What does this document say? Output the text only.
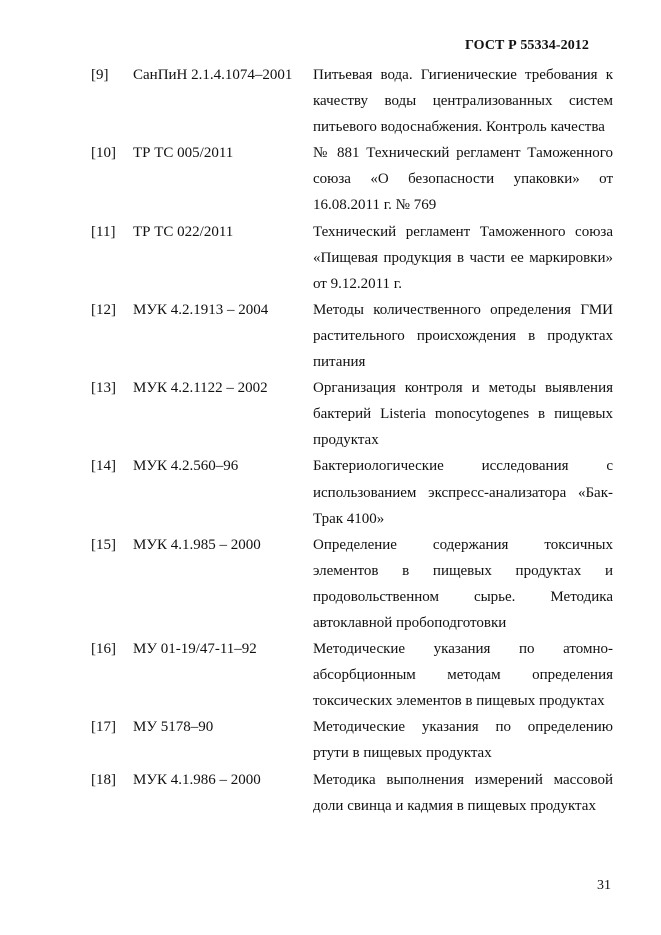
ГОСТ Р 55334-2012
[9]	СанПиН 2.1.4.1074–2001	Питьевая вода. Гигиенические требования к качеству воды централизованных систем питьевого водоснабжения. Контроль качества
[10]	ТР ТС 005/2011	№ 881 Технический регламент Таможенного союза «О безопасности упаковки» от 16.08.2011 г. № 769
[11]	ТР ТС 022/2011	Технический регламент Таможенного союза «Пищевая продукция в части ее маркировки» от 9.12.2011 г.
[12]	МУК 4.2.1913 – 2004	Методы количественного определения ГМИ растительного происхождения в продуктах питания
[13]	МУК 4.2.1122 – 2002	Организация контроля и методы выявления бактерий Listeria monocytogenes в пищевых продуктах
[14]	МУК 4.2.560–96	Бактериологические исследования с использованием экспресс-анализатора «Бак-Трак 4100»
[15]	МУК 4.1.985 – 2000	Определение содержания токсичных элементов в пищевых продуктах и продовольственном сырье. Методика автоклавной пробоподготовки
[16]	МУ 01-19/47-11–92	Методические указания по атомно-абсорбционным методам определения токсических элементов в пищевых продуктах
[17]	МУ 5178–90	Методические указания по определению ртути в пищевых продуктах
[18]	МУК 4.1.986 – 2000	Методика выполнения измерений массовой доли свинца и кадмия в пищевых продуктах
31
